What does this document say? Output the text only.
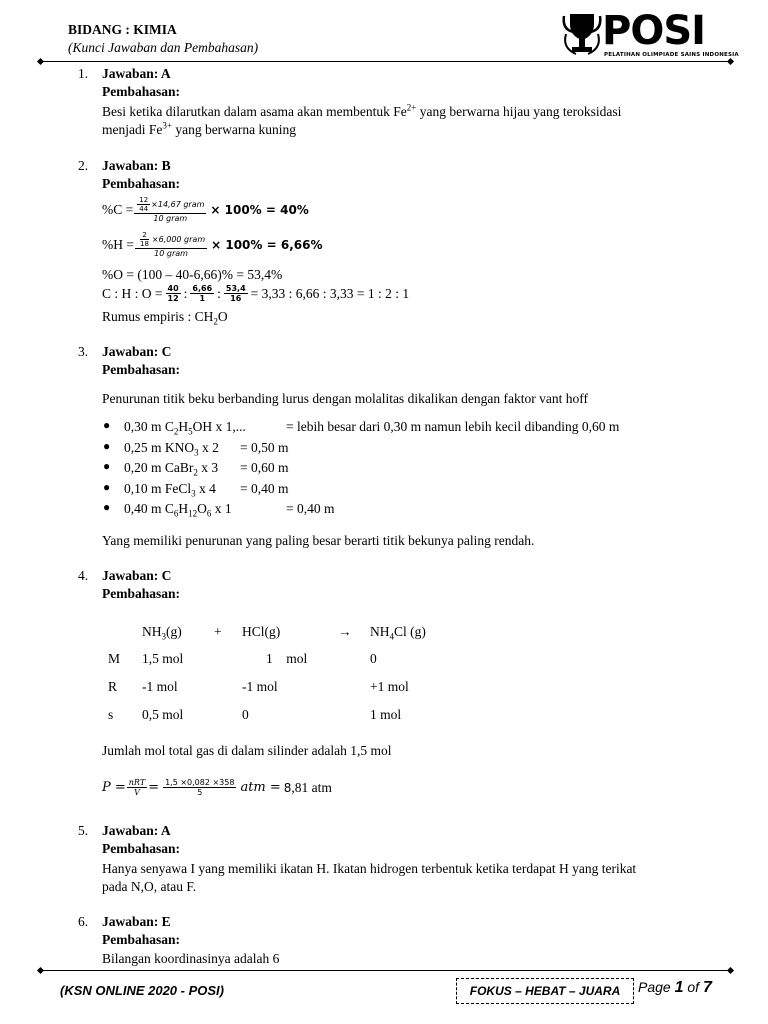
BIDANG : KIMIA
(Kunci Jawaban dan Pembahasan)	POSI
PELATIHAN OLIMPIADE SAINS INDONESIA
1. Jawaban: A
Pembahasan:
Besi ketika dilarutkan dalam asama akan membentuk $Fe^{2+}$ yang berwarna hijau yang teroksidasi
menjadi $Fe^{3+}$ yang berwarna kuning
2. Jawaban: B
Pembahasan:
$\%C = \frac{\frac{12}{44} \times 14,67 gram}{\text{10 gram}} \times 100\% = 40\%$
$\%H = \frac{\frac{2}{18} \times 6,000 gram}{\text{10 gram}} \times 100\% = 6,66\%$
%O = (100 – 40-6,66)% = 53,4%
C : H : $O = \frac{40}{12}$ : $\frac{6,66}{1}$ : $\frac{53,4}{16} = 3,33$ : 6,66 : 3,33 = 1 : 2 : 1
Rumus empiris : $CH_2O$
3. Jawaban: C
Pembahasan:
Penurunan titik beku berbanding lurus dengan molalitas dikalikan dengan faktor vant hoff
● 0,30 m $C_2H_5OH$ x 1,...	= lebih besar dari 0,30 m namun lebih kecil dibanding 0,60 m
● 0,25 m $KNO_3$ x 2 = 0,50 m
● 0,20 m CaBr$_2$ x 3 = 0,60 m
● 0,10 m FeCl$_3$ x 4 = 0,40 m
● 0,40 m $C_6H_{12}O_6$ x 1	= 0,40 m
Yang memiliki penurunan yang paling besar berarti titik bekunya paling rendah.
4. Jawaban: C
Pembahasan:
$NH_3(g) + HCl(g)$	→ $NH_4Cl$ (g)
M 1,5 mol	1    mol	0
R -1 mol	-1 mol	+1 mol
s 0,5 mol	0	1 mol
Jumlah mol total gas di dalam silinder adalah 1,5 mol
$P = \frac{\text{nRT}}{V} = \frac{1,5 \times 0,082 \times 358}{5}$ atm = 8 ,81 atm
5. Jawaban: A
Pembahasan:
Hanya senyawa I yang memiliki ikatan H. Ikatan hidrogen terbentuk ketika terdapat H yang terikat
pada N,O, atau F.
6. Jawaban: E
Pembahasan:
Bilangan koordinasinya adalah 6
(KSN ONLINE 2020 - POSI)	FOKUS – HEBAT – JUARA Page 1 of 7
